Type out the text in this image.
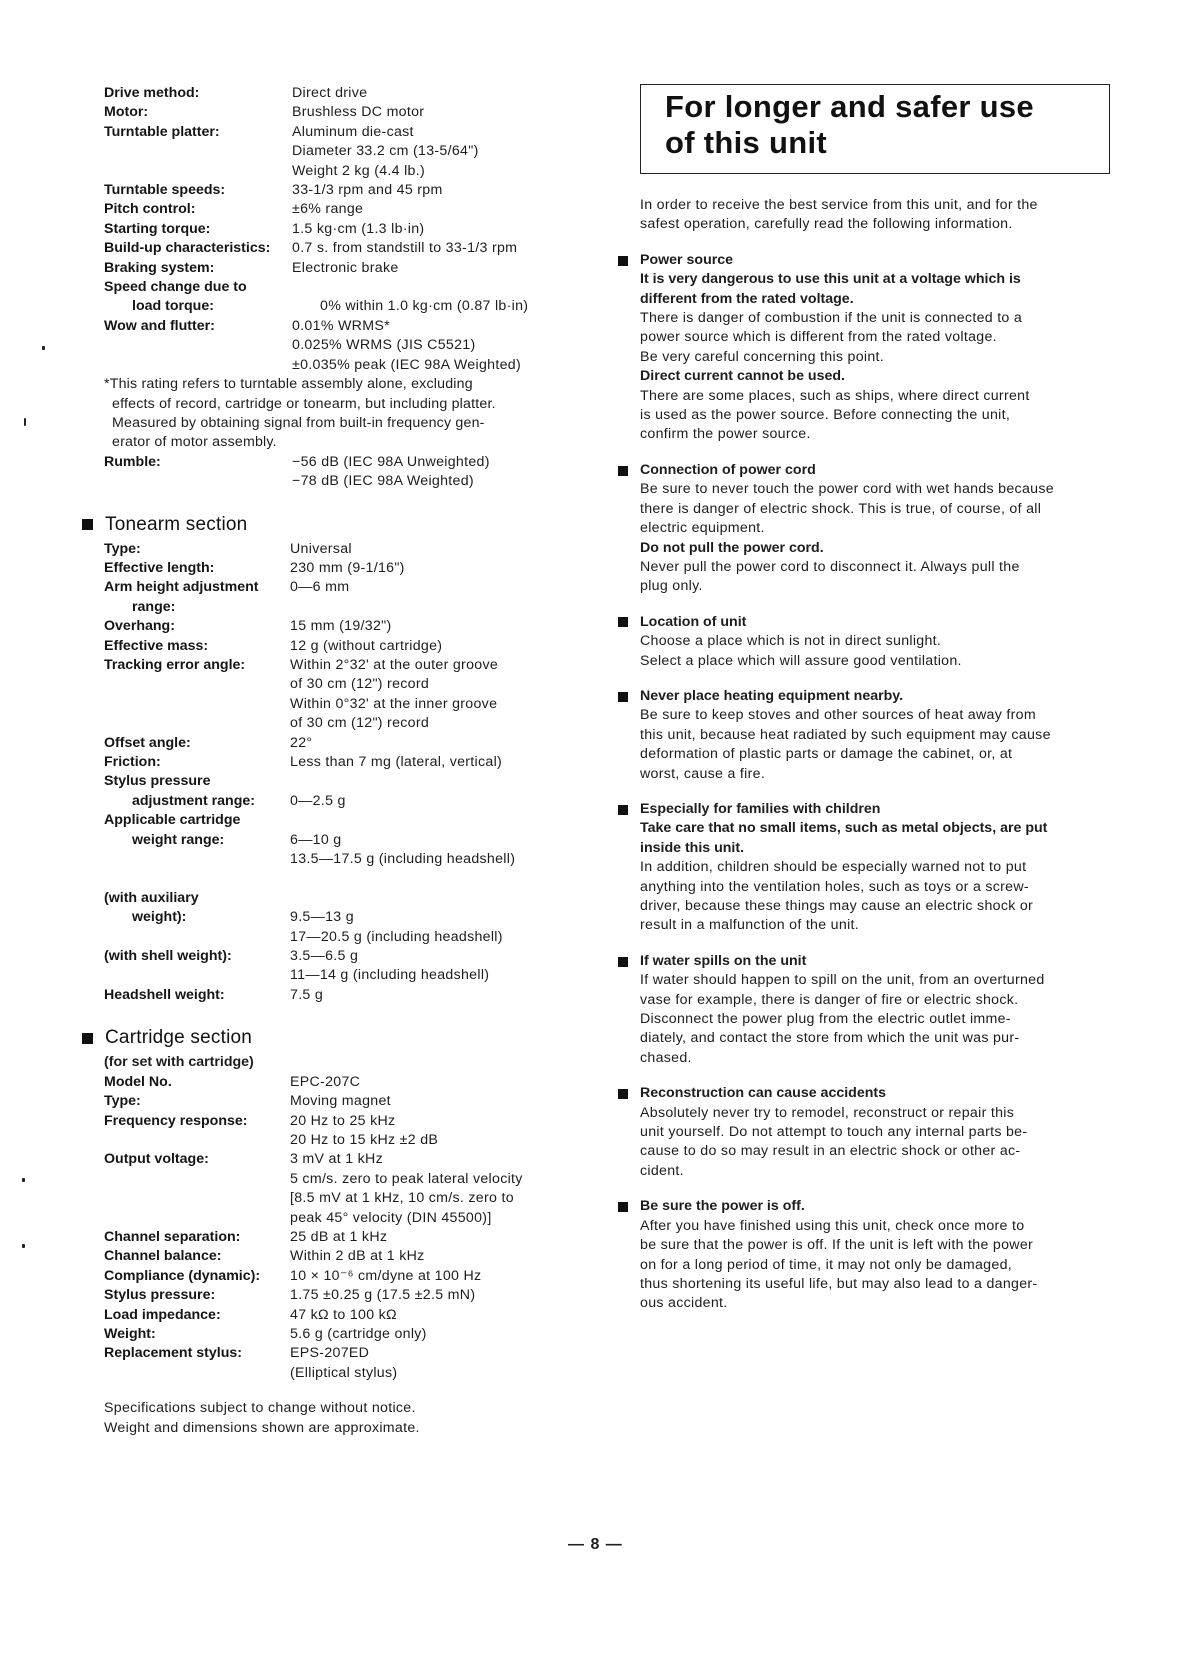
Drive method:	Direct drive
Motor:	Brushless DC motor
Turntable platter:	Aluminum die-cast
Diameter 33.2 cm (13-5/64")
Weight 2 kg (4.4 lb.)
Turntable speeds:	33-1/3 rpm and 45 rpm
Pitch control:	±6% range
Starting torque:	1.5 kg·cm (1.3 lb·in)
Build-up characteristics:	0.7 s. from standstill to 33-1/3 rpm
Braking system:	Electronic brake
Speed change due to

load torque:	0% within 1.0 kg·cm (0.87 lb·in)
Wow and flutter:	0.01% WRMS*
0.025% WRMS (JIS C5521)
±0.035% peak (IEC 98A Weighted)
*This rating refers to turntable assembly alone, excluding
effects of record, cartridge or tonearm, but including platter.
Measured by obtaining signal from built-in frequency gen-
erator of motor assembly.
Rumble:	−56 dB (IEC 98A Unweighted)
−78 dB (IEC 98A Weighted)
Tonearm section
Type:	Universal
Effective length:	230 mm (9-1/16")
Arm height adjustment	0—6 mm
range:

Overhang:	15 mm (19/32")
Effective mass:	12 g (without cartridge)
Tracking error angle:	Within 2°32' at the outer groove
of 30 cm (12") record
Within 0°32' at the inner groove
of 30 cm (12") record
Offset angle:	22°
Friction:	Less than 7 mg (lateral, vertical)
Stylus pressure

adjustment range:	0—2.5 g
Applicable cartridge

weight range:	6—10 g
13.5—17.5 g (including headshell)

(with auxiliary

weight):	9.5—13 g
17—20.5 g (including headshell)
(with shell weight):	3.5—6.5 g
11—14 g (including headshell)
Headshell weight:	7.5 g
Cartridge section
(for set with cartridge)
Model No.	EPC-207C
Type:	Moving magnet
Frequency response:	20 Hz to 25 kHz
20 Hz to 15 kHz ±2 dB
Output voltage:	3 mV at 1 kHz
5 cm/s. zero to peak lateral velocity
[8.5 mV at 1 kHz, 10 cm/s. zero to
peak 45° velocity (DIN 45500)]
Channel separation:	25 dB at 1 kHz
Channel balance:	Within 2 dB at 1 kHz
Compliance (dynamic):	10 × 10⁻⁶ cm/dyne at 100 Hz
Stylus pressure:	1.75 ±0.25 g (17.5 ±2.5 mN)
Load impedance:	47 kΩ to 100 kΩ
Weight:	5.6 g (cartridge only)
Replacement stylus:	EPS-207ED
(Elliptical stylus)
Specifications subject to change without notice.
Weight and dimensions shown are approximate.
For longer and safer use
of this unit
In order to receive the best service from this unit, and for the
safest operation, carefully read the following information.
Power source
It is very dangerous to use this unit at a voltage which is
different from the rated voltage.
There is danger of combustion if the unit is connected to a
power source which is different from the rated voltage.
Be very careful concerning this point.
Direct current cannot be used.
There are some places, such as ships, where direct current
is used as the power source. Before connecting the unit,
confirm the power source.
Connection of power cord
Be sure to never touch the power cord with wet hands because
there is danger of electric shock. This is true, of course, of all
electric equipment.
Do not pull the power cord.
Never pull the power cord to disconnect it. Always pull the
plug only.
Location of unit
Choose a place which is not in direct sunlight.
Select a place which will assure good ventilation.
Never place heating equipment nearby.
Be sure to keep stoves and other sources of heat away from
this unit, because heat radiated by such equipment may cause
deformation of plastic parts or damage the cabinet, or, at
worst, cause a fire.
Especially for families with children
Take care that no small items, such as metal objects, are put
inside this unit.
In addition, children should be especially warned not to put
anything into the ventilation holes, such as toys or a screw-
driver, because these things may cause an electric shock or
result in a malfunction of the unit.
If water spills on the unit
If water should happen to spill on the unit, from an overturned
vase for example, there is danger of fire or electric shock.
Disconnect the power plug from the electric outlet imme-
diately, and contact the store from which the unit was pur-
chased.
Reconstruction can cause accidents
Absolutely never try to remodel, reconstruct or repair this
unit yourself. Do not attempt to touch any internal parts be-
cause to do so may result in an electric shock or other ac-
cident.
Be sure the power is off.
After you have finished using this unit, check once more to
be sure that the power is off. If the unit is left with the power
on for a long period of time, it may not only be damaged,
thus shortening its useful life, but may also lead to a danger-
ous accident.
— 8 —
